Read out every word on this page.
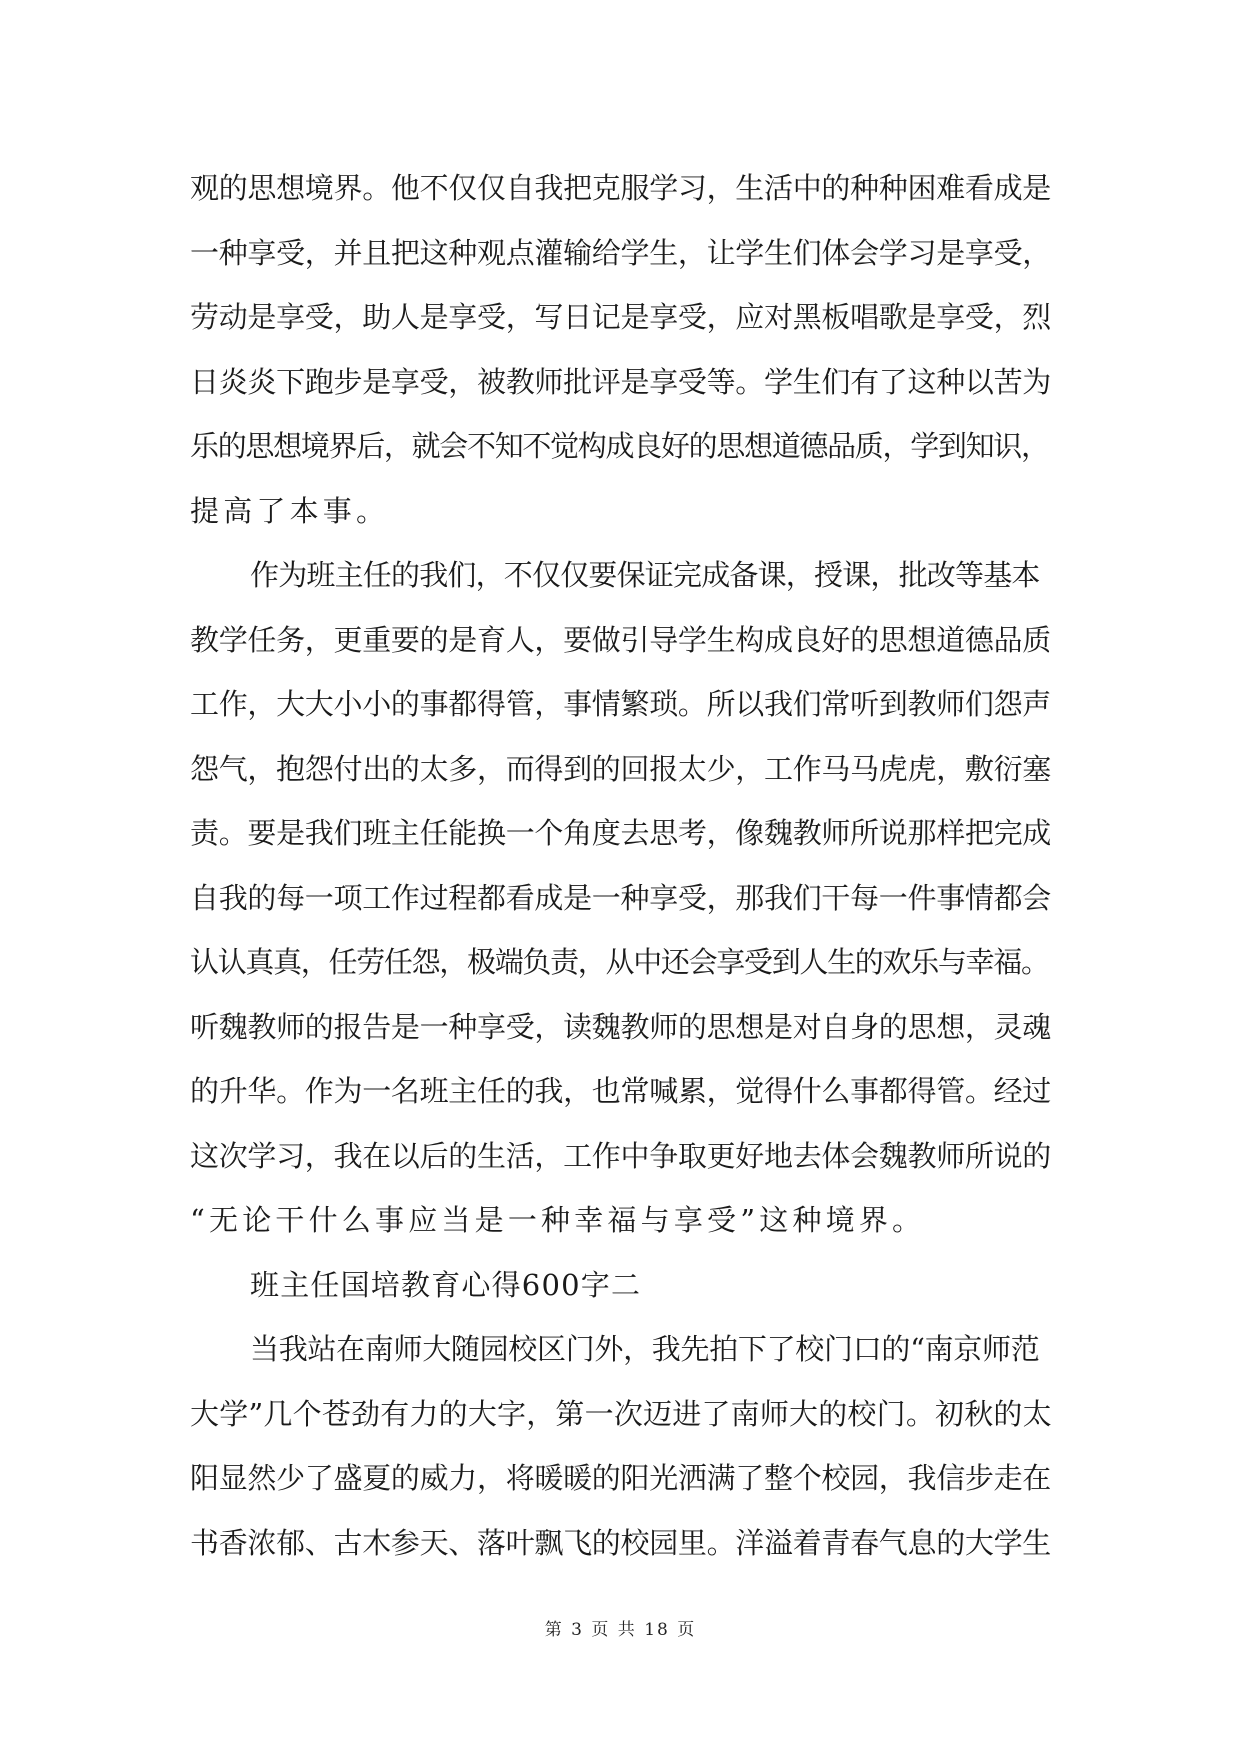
观的思想境界。他不仅仅自我把克服学习，生活中的种种困难看成是
一种享受，并且把这种观点灌输给学生，让学生们体会学习是享受，
劳动是享受，助人是享受，写日记是享受，应对黑板唱歌是享受，烈
日炎炎下跑步是享受，被教师批评是享受等。学生们有了这种以苦为
乐的思想境界后，就会不知不觉构成良好的思想道德品质，学到知识，
提高了本事。
作为班主任的我们，不仅仅要保证完成备课，授课，批改等基本
教学任务，更重要的是育人，要做引导学生构成良好的思想道德品质
工作，大大小小的事都得管，事情繁琐。所以我们常听到教师们怨声
怨气，抱怨付出的太多，而得到的回报太少，工作马马虎虎，敷衍塞
责。要是我们班主任能换一个角度去思考，像魏教师所说那样把完成
自我的每一项工作过程都看成是一种享受，那我们干每一件事情都会
认认真真，任劳任怨，极端负责，从中还会享受到人生的欢乐与幸福。
听魏教师的报告是一种享受，读魏教师的思想是对自身的思想，灵魂
的升华。作为一名班主任的我，也常喊累，觉得什么事都得管。经过
这次学习，我在以后的生活，工作中争取更好地去体会魏教师所说的
“无论干什么事应当是一种幸福与享受”这种境界。
班主任国培教育心得600字二
当我站在南师大随园校区门外，我先拍下了校门口的“南京师范
大学”几个苍劲有力的大字，第一次迈进了南师大的校门。初秋的太
阳显然少了盛夏的威力，将暖暖的阳光洒满了整个校园，我信步走在
书香浓郁、古木参天、落叶飘飞的校园里。洋溢着青春气息的大学生
第 3 页 共 18 页
